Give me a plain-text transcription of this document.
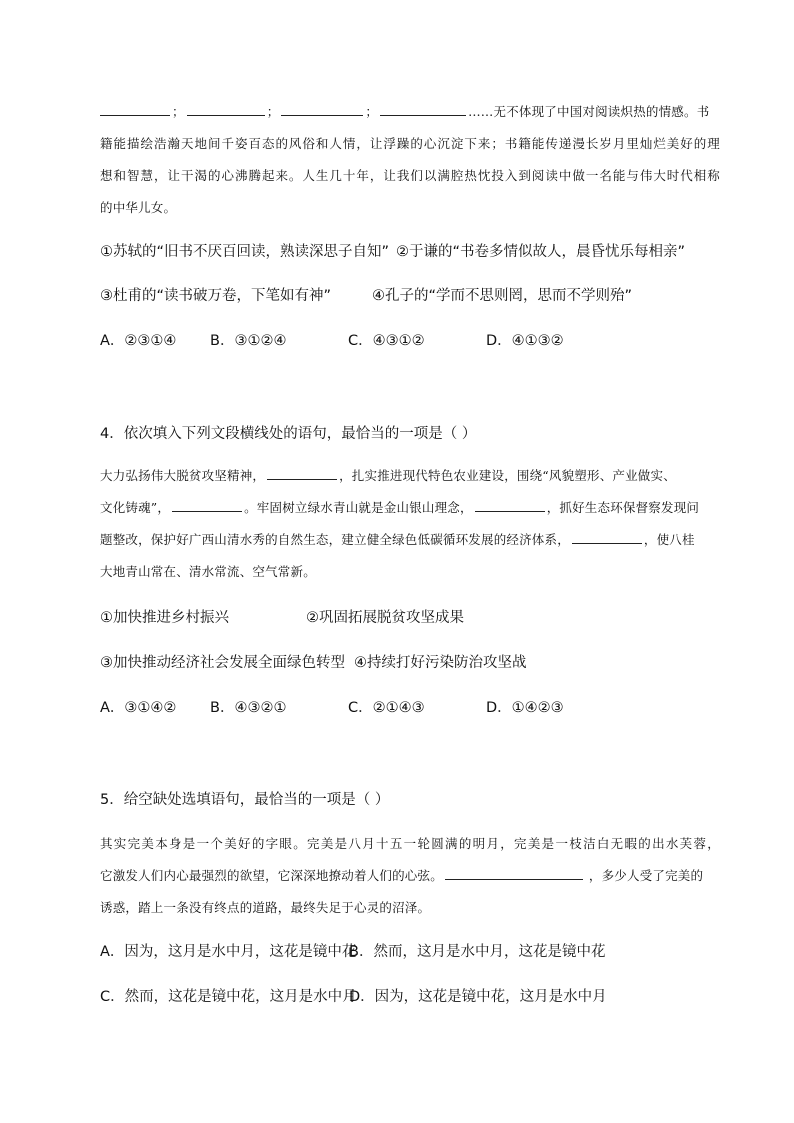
；	；	；	……无不体现了中国对阅读炽热的情感。书
籍能描绘浩瀚天地间千姿百态的风俗和人情，让浮躁的心沉淀下来；书籍能传递漫长岁月里灿烂美好的理
想和智慧，让干渴的心沸腾起来。人生几十年，让我们以满腔热忱投入到阅读中做一名能与伟大时代相称
的中华儿女。
①苏轼的“旧书不厌百回读，熟读深思子自知” ②于谦的“书卷多情似故人，晨昏忧乐每相亲”
③杜甫的“读书破万卷，下笔如有神”	④孔子的“学而不思则罔，思而不学则殆”
A．②③①④ B．③①②④	C．④③①②	D．④①③②
4．依次填入下列文段横线处的语句，最恰当的一项是（ ）
大力弘扬伟大脱贫攻坚精神，	，扎实推进现代特色农业建设，围绕“风貌塑形、产业做实、
文化铸魂”，	。牢固树立绿水青山就是金山银山理念，	，抓好生态环保督察发现问
题整改，保护好广西山清水秀的自然生态，建立健全绿色低碳循环发展的经济体系，	，使八桂
大地青山常在、清水常流、空气常新。
①加快推进乡村振兴	②巩固拓展脱贫攻坚成果
③加快推动经济社会发展全面绿色转型 ④持续打好污染防治攻坚战
A．③①④② B．④③②①	C．②①④③	D．①④②③
5．给空缺处选填语句，最恰当的一项是（ ）
其实完美本身是一个美好的字眼。完美是八月十五一轮圆满的明月，完美是一枝洁白无暇的出水芙蓉，
它激发人们内心最强烈的欲望，它深深地撩动着人们的心弦。	，多少人受了完美的
诱惑，踏上一条没有终点的道路，最终失足于心灵的沼泽。
A．因为，这月是水中月，这花是镜中花
B．然而，这月是水中月，这花是镜中花
C．然而，这花是镜中花，这月是水中月
D．因为，这花是镜中花，这月是水中月
